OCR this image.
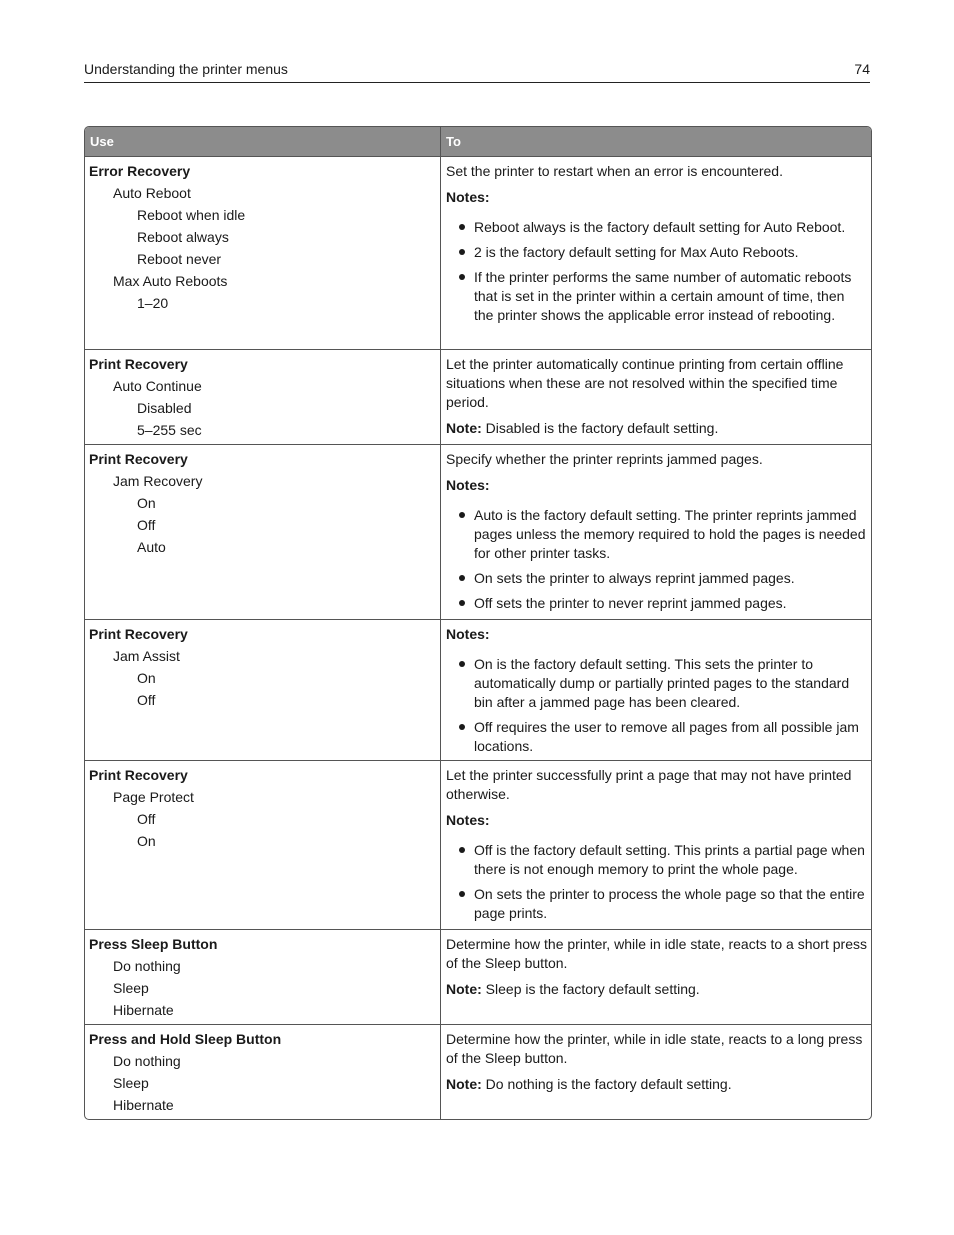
Understanding the printer menus	74
Use	To
Error Recovery
Auto Reboot
Reboot when idle
Reboot always
Reboot never
Max Auto Reboots
1–20
Set the printer to restart when an error is encountered.
Notes:
Reboot always is the factory default setting for Auto Reboot.
2 is the factory default setting for Max Auto Reboots.
If the printer performs the same number of automatic reboots that is set in the printer within a certain amount of time, then the printer shows the applicable error instead of rebooting.
Print Recovery
Auto Continue
Disabled
5–255 sec
Let the printer automatically continue printing from certain offline situations when these are not resolved within the specified time period.
Note: Disabled is the factory default setting.
Print Recovery
Jam Recovery
On
Off
Auto
Specify whether the printer reprints jammed pages.
Notes:
Auto is the factory default setting. The printer reprints jammed pages unless the memory required to hold the pages is needed for other printer tasks.
On sets the printer to always reprint jammed pages.
Off sets the printer to never reprint jammed pages.
Print Recovery
Jam Assist
On
Off
Notes:
On is the factory default setting. This sets the printer to automatically dump or partially printed pages to the standard bin after a jammed page has been cleared.
Off requires the user to remove all pages from all possible jam locations.
Print Recovery
Page Protect
Off
On
Let the printer successfully print a page that may not have printed otherwise.
Notes:
Off is the factory default setting. This prints a partial page when there is not enough memory to print the whole page.
On sets the printer to process the whole page so that the entire page prints.
Press Sleep Button
Do nothing
Sleep
Hibernate
Determine how the printer, while in idle state, reacts to a short press of the Sleep button.
Note: Sleep is the factory default setting.
Press and Hold Sleep Button
Do nothing
Sleep
Hibernate
Determine how the printer, while in idle state, reacts to a long press of the Sleep button.
Note: Do nothing is the factory default setting.
